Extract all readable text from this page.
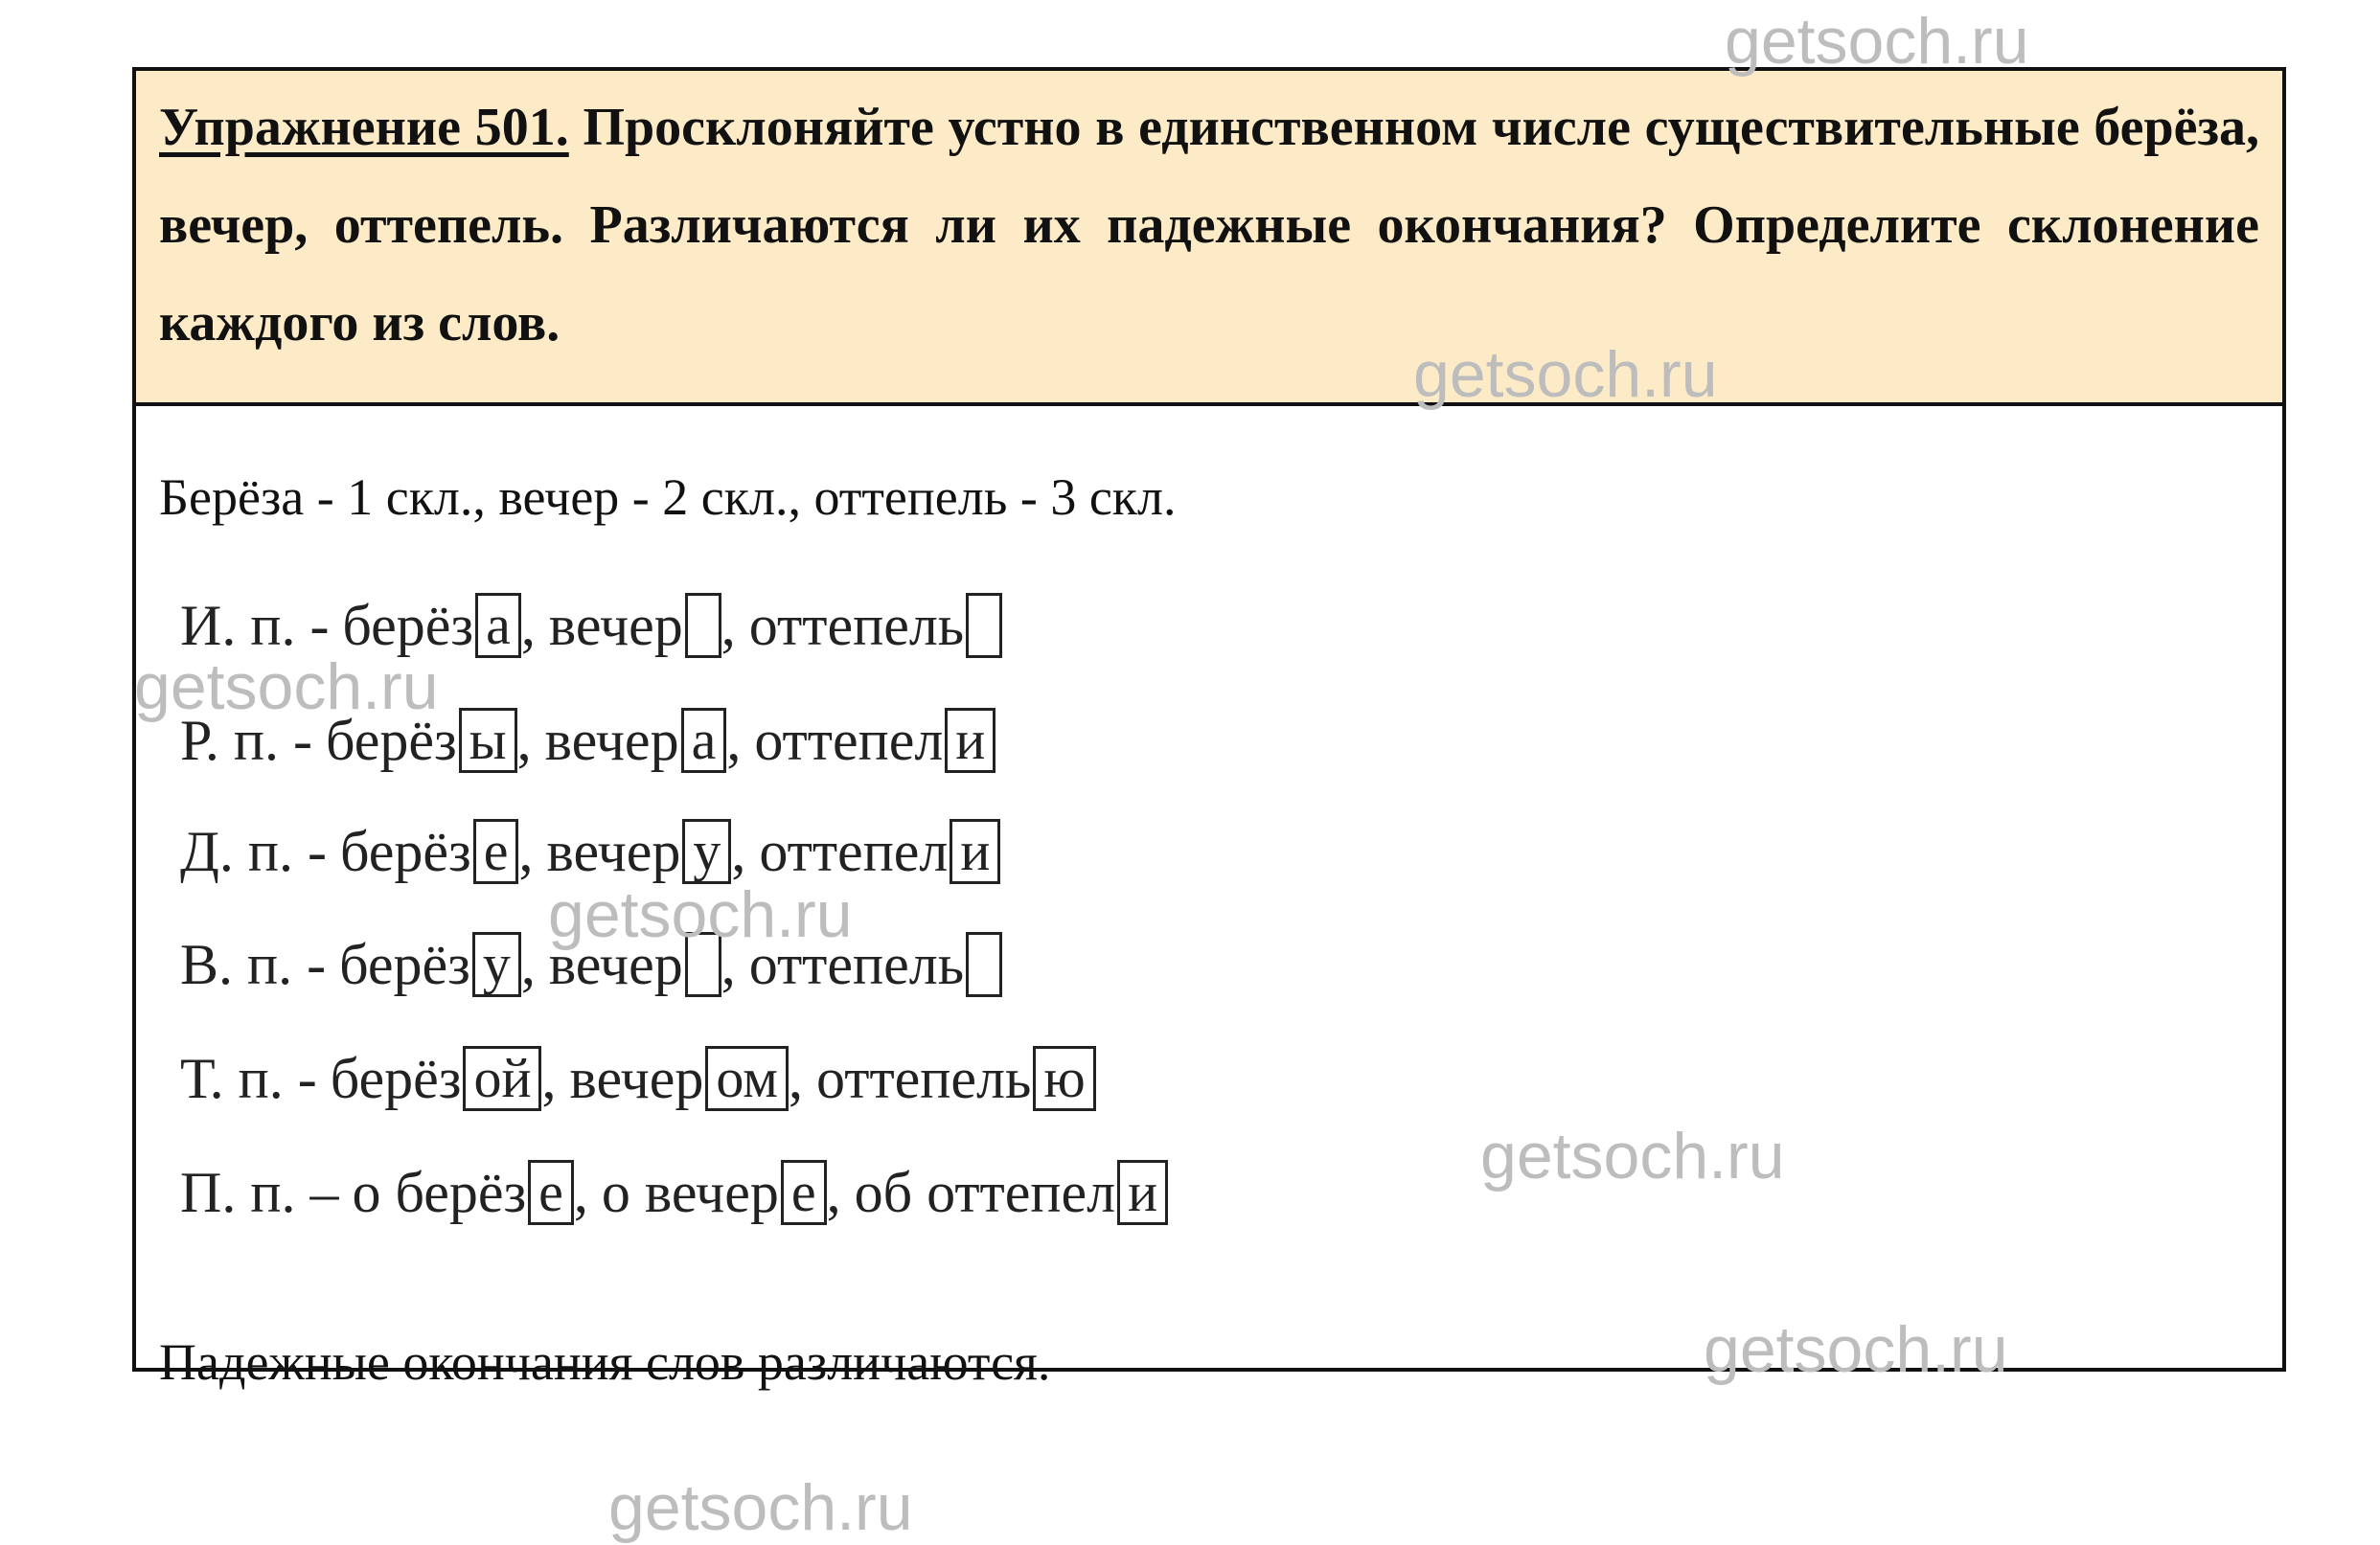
Упражнение 501. Просклоняйте устно в единственном числе существительные берёза, вечер, оттепель. Различаются ли их падежные окончания? Определите склонение каждого из слов.
Берёза - 1 скл., вечер - 2 скл., оттепель - 3 скл.
И. п. - берёз а , вечер , оттепель
Р. п. - берёз ы , вечер а , оттепел и
Д. п. - берёз е , вечер у , оттепел и
В. п. - берёз у , вечер , оттепель
Т. п. - берёз ой , вечер ом , оттепель ю
П. п. – о берёз е , о вечер е , об оттепел и
Падежные окончания слов различаются.
getsoch.ru
getsoch.ru
getsoch.ru
getsoch.ru
getsoch.ru
getsoch.ru
getsoch.ru
